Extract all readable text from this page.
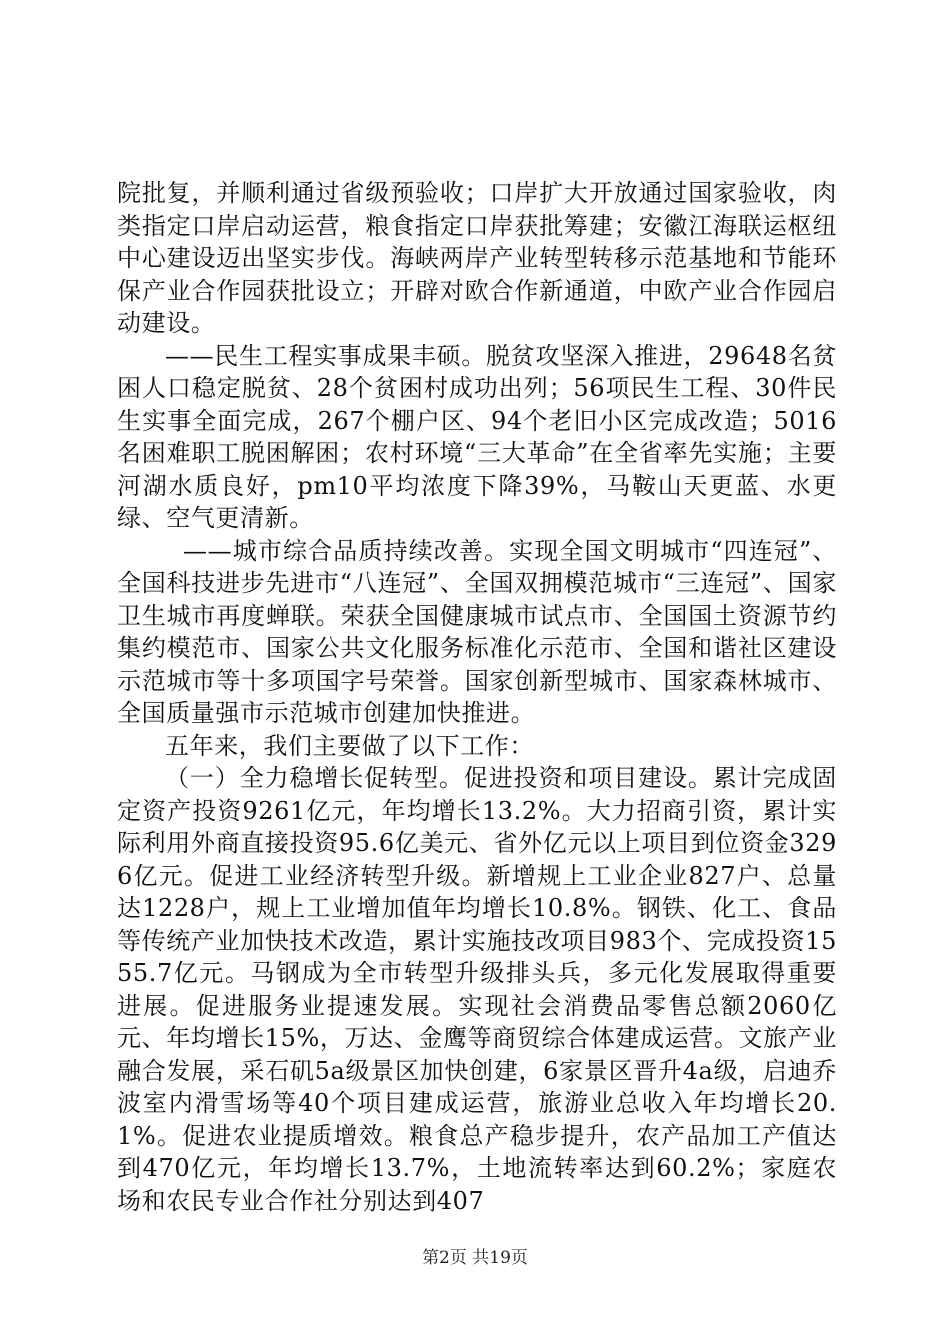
院批复，并顺利通过省级预验收；口岸扩大开放通过国家验收，肉类指定口岸启动运营，粮食指定口岸获批筹建；安徽江海联运枢纽中心建设迈出坚实步伐。海峡两岸产业转型转移示范基地和节能环保产业合作园获批设立；开辟对欧合作新通道，中欧产业合作园启动建设。

——民生工程实事成果丰硕。脱贫攻坚深入推进，29648名贫困人口稳定脱贫、28个贫困村成功出列；56项民生工程、30件民生实事全面完成，267个棚户区、94个老旧小区完成改造；5016名困难职工脱困解困；农村环境“三大革命”在全省率先实施；主要河湖水质良好，pm10平均浓度下降39%，马鞍山天更蓝、水更绿、空气更清新。

——城市综合品质持续改善。实现全国文明城市“四连冠”、全国科技进步先进市“八连冠”、全国双拥模范城市“三连冠”、国家卫生城市再度蝉联。荣获全国健康城市试点市、全国国土资源节约集约模范市、国家公共文化服务标准化示范市、全国和谐社区建设示范城市等十多项国字号荣誉。国家创新型城市、国家森林城市、全国质量强市示范城市创建加快推进。

五年来，我们主要做了以下工作：

（一）全力稳增长促转型。促进投资和项目建设。累计完成固定资产投资9261亿元，年均增长13.2%。大力招商引资，累计实际利用外商直接投资95.6亿美元、省外亿元以上项目到位资金3296亿元。促进工业经济转型升级。新增规上工业企业827户、总量达1228户，规上工业增加值年均增长10.8%。钢铁、化工、食品等传统产业加快技术改造，累计实施技改项目983个、完成投资1555.7亿元。马钢成为全市转型升级排头兵，多元化发展取得重要进展。促进服务业提速发展。实现社会消费品零售总额2060亿元、年均增长15%，万达、金鹰等商贸综合体建成运营。文旅产业融合发展，采石矶5a级景区加快创建，6家景区晋升4a级，启迪乔波室内滑雪场等40个项目建成运营，旅游业总收入年均增长20.1%。促进农业提质增效。粮食总产稳步提升，农产品加工产值达到470亿元，年均增长13.7%，土地流转率达到60.2%；家庭农场和农民专业合作社分别达到407

第2页 共19页
